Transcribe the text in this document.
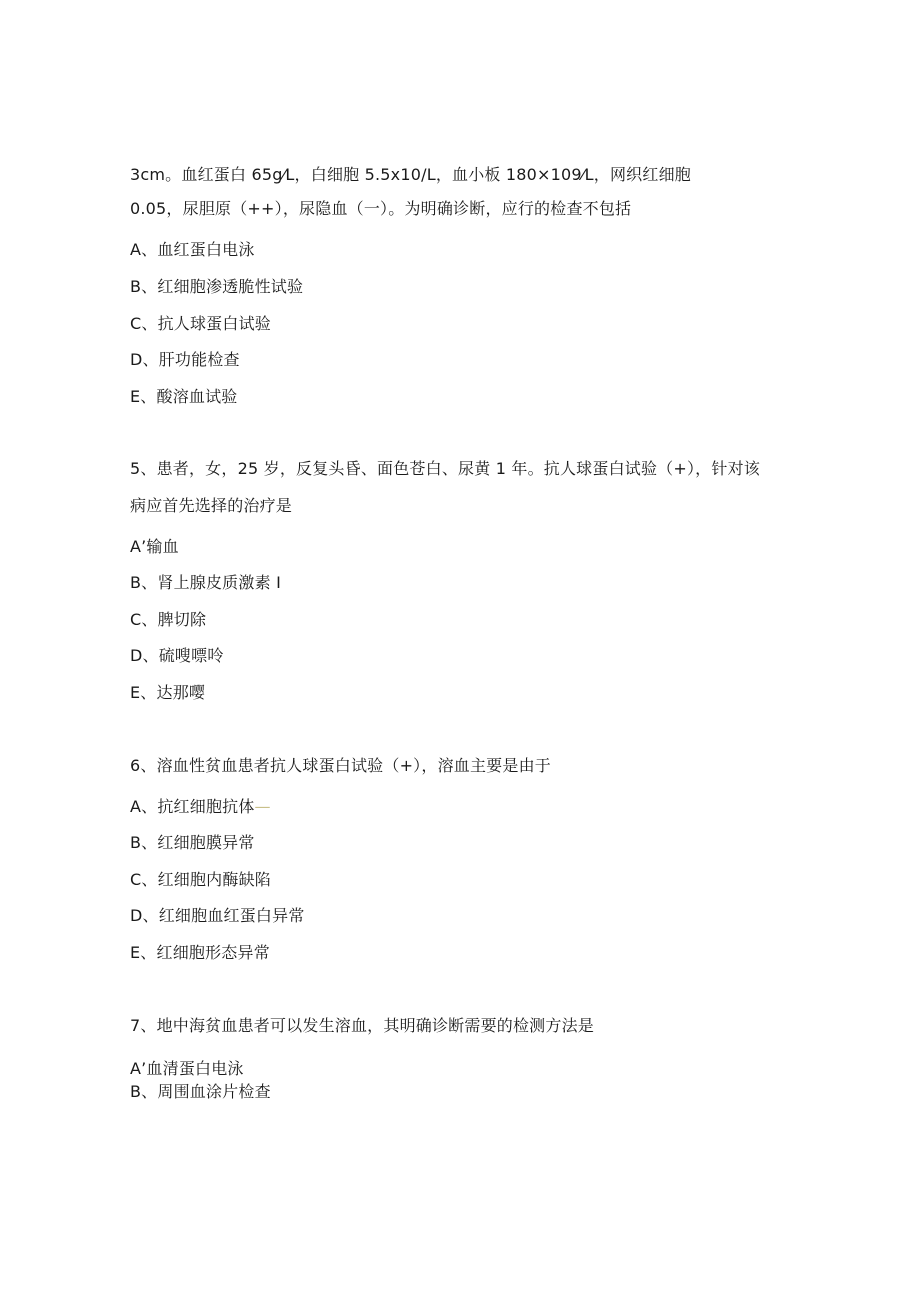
3cm。血红蛋白 65g⁄L，白细胞 5.5x10/L，血小板 180×109⁄L，网织红细胞
0.05，尿胆原（++），尿隐血（一）。为明确诊断，应行的检查不包括
A、血红蛋白电泳
B、红细胞渗透脆性试验
C、抗人球蛋白试验
D、肝功能检查
E、酸溶血试验
5、患者，女，25 岁，反复头昏、面色苍白、尿黄 1 年。抗人球蛋白试验（+），针对该
病应首先选择的治疗是
A’输血
B、肾上腺皮质激素 I
C、脾切除
D、硫嗖嘌呤
E、达那嘤
6、溶血性贫血患者抗人球蛋白试验（+），溶血主要是由于
A、抗红细胞抗体—
B、红细胞膜异常
C、红细胞内酶缺陷
D、红细胞血红蛋白异常
E、红细胞形态异常
7、地中海贫血患者可以发生溶血，其明确诊断需要的检测方法是
A’血清蛋白电泳
B、周围血涂片检查
